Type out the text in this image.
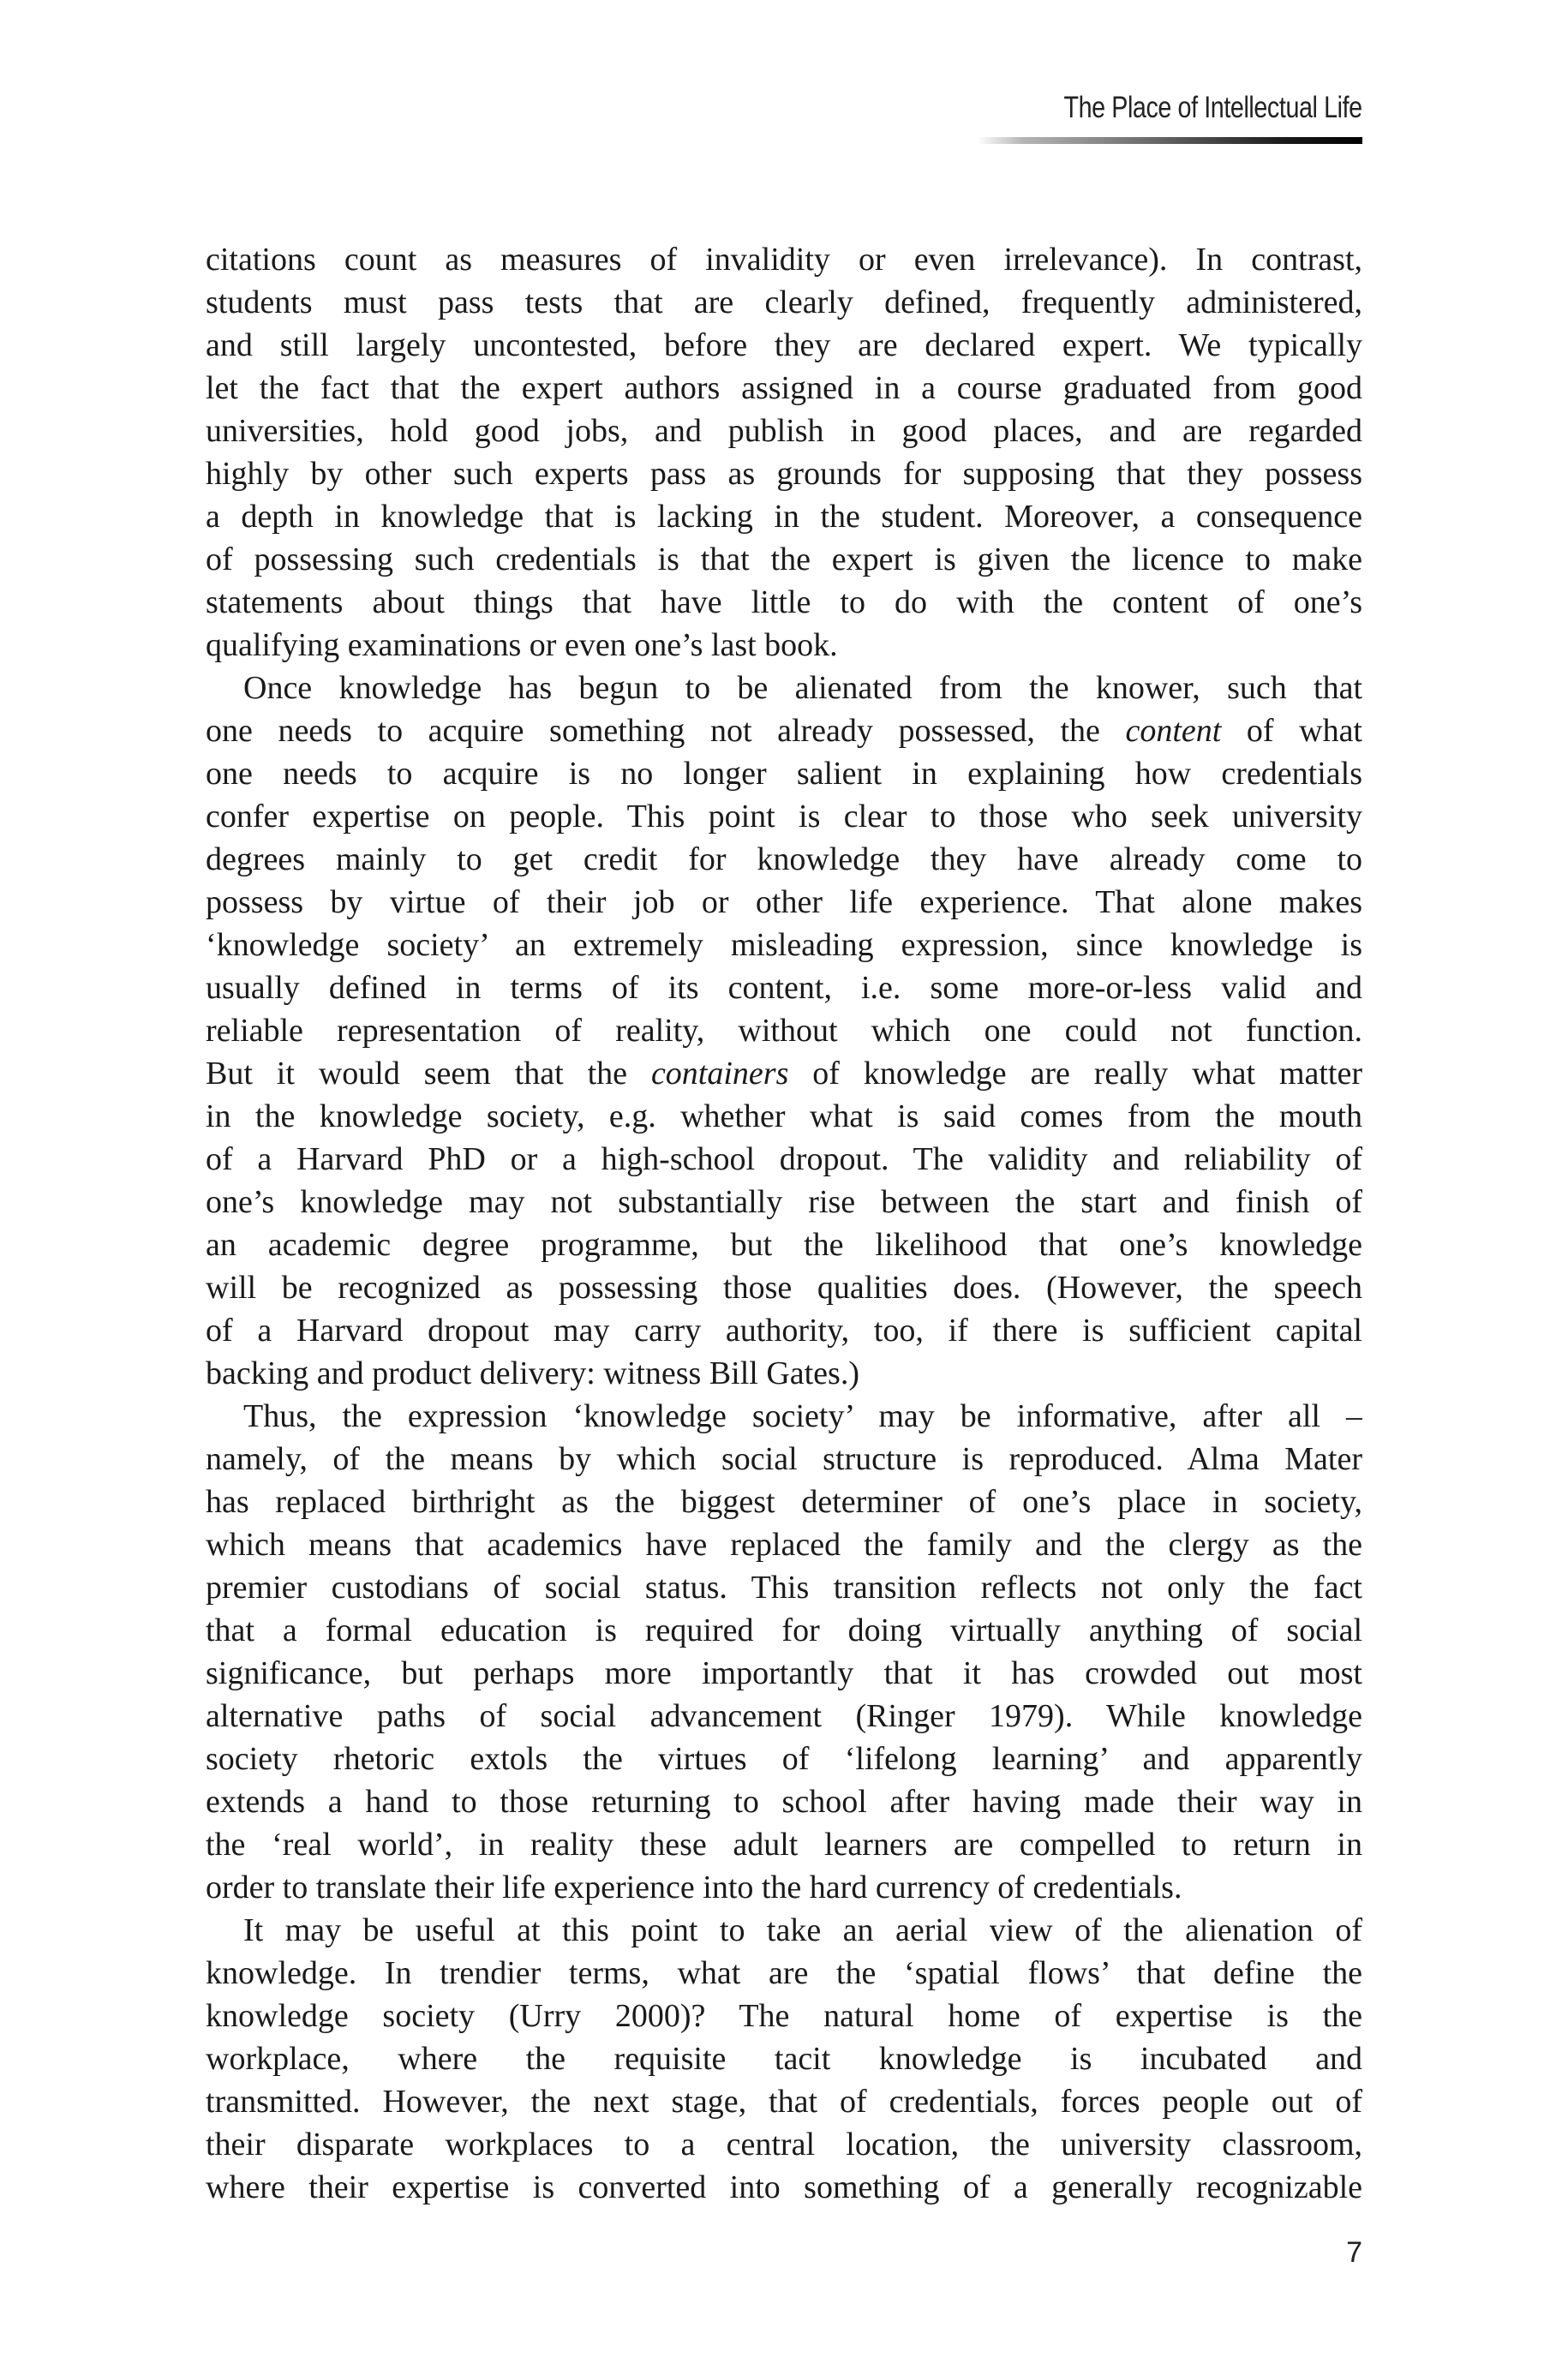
The Place of Intellectual Life
citations count as measures of invalidity or even irrelevance). In contrast,
students must pass tests that are clearly defined, frequently administered,
and still largely uncontested, before they are declared expert. We typically
let the fact that the expert authors assigned in a course graduated from good
universities, hold good jobs, and publish in good places, and are regarded
highly by other such experts pass as grounds for supposing that they possess
a depth in knowledge that is lacking in the student. Moreover, a consequence
of possessing such credentials is that the expert is given the licence to make
statements about things that have little to do with the content of one’s
qualifying examinations or even one’s last book.
Once knowledge has begun to be alienated from the knower, such that
one needs to acquire something not already possessed, the content of what
one needs to acquire is no longer salient in explaining how credentials
confer expertise on people. This point is clear to those who seek university
degrees mainly to get credit for knowledge they have already come to
possess by virtue of their job or other life experience. That alone makes
‘knowledge society’ an extremely misleading expression, since knowledge is
usually defined in terms of its content, i.e. some more-or-less valid and
reliable representation of reality, without which one could not function.
But it would seem that the containers of knowledge are really what matter
in the knowledge society, e.g. whether what is said comes from the mouth
of a Harvard PhD or a high-school dropout. The validity and reliability of
one’s knowledge may not substantially rise between the start and finish of
an academic degree programme, but the likelihood that one’s knowledge
will be recognized as possessing those qualities does. (However, the speech
of a Harvard dropout may carry authority, too, if there is sufficient capital
backing and product delivery: witness Bill Gates.)
Thus, the expression ‘knowledge society’ may be informative, after all –
namely, of the means by which social structure is reproduced. Alma Mater
has replaced birthright as the biggest determiner of one’s place in society,
which means that academics have replaced the family and the clergy as the
premier custodians of social status. This transition reflects not only the fact
that a formal education is required for doing virtually anything of social
significance, but perhaps more importantly that it has crowded out most
alternative paths of social advancement (Ringer 1979). While knowledge
society rhetoric extols the virtues of ‘lifelong learning’ and apparently
extends a hand to those returning to school after having made their way in
the ‘real world’, in reality these adult learners are compelled to return in
order to translate their life experience into the hard currency of credentials.
It may be useful at this point to take an aerial view of the alienation of
knowledge. In trendier terms, what are the ‘spatial flows’ that define the
knowledge society (Urry 2000)? The natural home of expertise is the
workplace, where the requisite tacit knowledge is incubated and
transmitted. However, the next stage, that of credentials, forces people out of
their disparate workplaces to a central location, the university classroom,
where their expertise is converted into something of a generally recognizable
7
